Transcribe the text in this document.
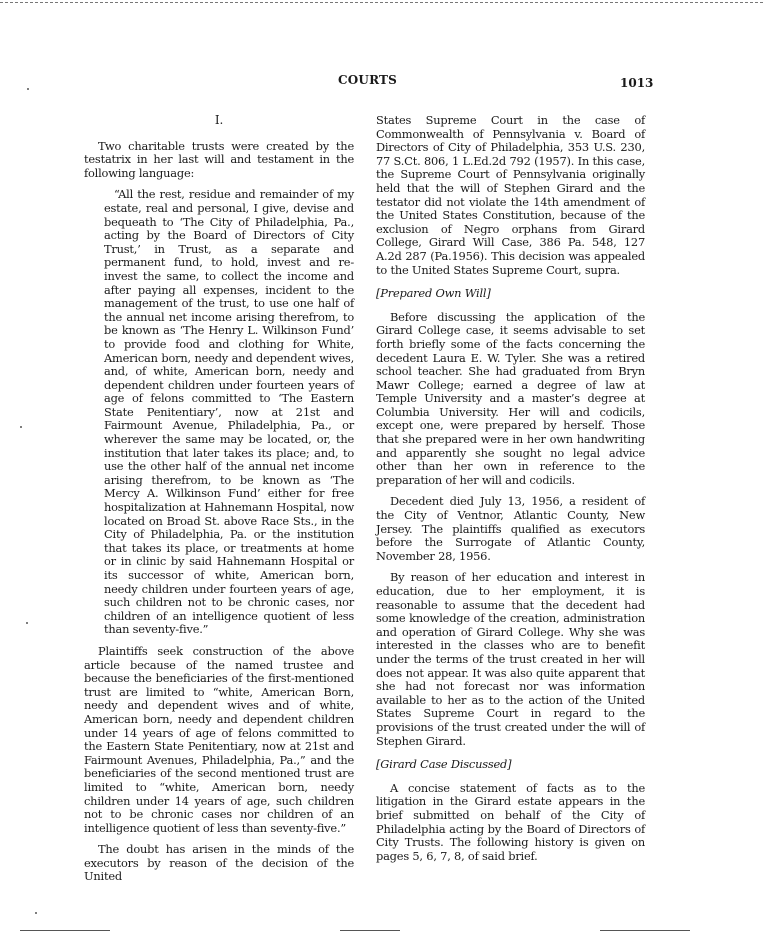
COURTS	1013

I.

Two charitable trusts were created by the testatrix in her last will and testament in the following language:

“All the rest, residue and remainder of my estate, real and personal, I give, devise and bequeath to ‘The City of Philadelphia, Pa., acting by the Board of Directors of City Trust,’ in Trust, as a separate and permanent fund, to hold, invest and re-invest the same, to collect the income and after paying all expenses, incident to the management of the trust, to use one half of the annual net income arising therefrom, to be known as ‘The Henry L. Wilkinson Fund’ to provide food and clothing for White, American born, needy and dependent wives, and, of white, American born, needy and dependent children under fourteen years of age of felons committed to ‘The Eastern State Penitentiary’, now at 21st and Fairmount Avenue, Philadelphia, Pa., or wherever the same may be located, or, the institution that later takes its place; and, to use the other half of the annual net income arising therefrom, to be known as ‘The Mercy A. Wilkinson Fund’ either for free hospitalization at Hahnemann Hospital, now located on Broad St. above Race Sts., in the City of Philadelphia, Pa. or the institution that takes its place, or treatments at home or in clinic by said Hahnemann Hospital or its successor of white, American born, needy children under fourteen years of age, such children not to be chronic cases, nor children of an intelligence quotient of less than seventy-five.”

Plaintiffs seek construction of the above article because of the named trustee and because the beneficiaries of the first-mentioned trust are limited to “white, American Born, needy and dependent wives and of white, American born, needy and dependent children under 14 years of age of felons committed to the Eastern State Penitentiary, now at 21st and Fairmount Avenues, Philadelphia, Pa.,” and the beneficiaries of the second mentioned trust are limited to “white, American born, needy children under 14 years of age, such children not to be chronic cases nor children of an intelligence quotient of less than seventy-five.”

The doubt has arisen in the minds of the executors by reason of the decision of the United

States Supreme Court in the case of Commonwealth of Pennsylvania v. Board of Directors of City of Philadelphia, 353 U.S. 230, 77 S.Ct. 806, 1 L.Ed.2d 792 (1957). In this case, the Supreme Court of Pennsylvania originally held that the will of Stephen Girard and the testator did not violate the 14th amendment of the United States Constitution, because of the exclusion of Negro orphans from Girard College, Girard Will Case, 386 Pa. 548, 127 A.2d 287 (Pa.1956). This decision was appealed to the United States Supreme Court, supra.

[Prepared Own Will]

Before discussing the application of the Girard College case, it seems advisable to set forth briefly some of the facts concerning the decedent Laura E. W. Tyler. She was a retired school teacher. She had graduated from Bryn Mawr College; earned a degree of law at Temple University and a master’s degree at Columbia University. Her will and codicils, except one, were prepared by herself. Those that she prepared were in her own handwriting and apparently she sought no legal advice other than her own in reference to the preparation of her will and codicils.

Decedent died July 13, 1956, a resident of the City of Ventnor, Atlantic County, New Jersey. The plaintiffs qualified as executors before the Surrogate of Atlantic County, November 28, 1956.

By reason of her education and interest in education, due to her employment, it is reasonable to assume that the decedent had some knowledge of the creation, administration and operation of Girard College. Why she was interested in the classes who are to benefit under the terms of the trust created in her will does not appear. It was also quite apparent that she had not forecast nor was information available to her as to the action of the United States Supreme Court in regard to the provisions of the trust created under the will of Stephen Girard.

[Girard Case Discussed]

A concise statement of facts as to the litigation in the Girard estate appears in the brief submitted on behalf of the City of Philadelphia acting by the Board of Directors of City Trusts. The following history is given on pages 5, 6, 7, 8, of said brief.
